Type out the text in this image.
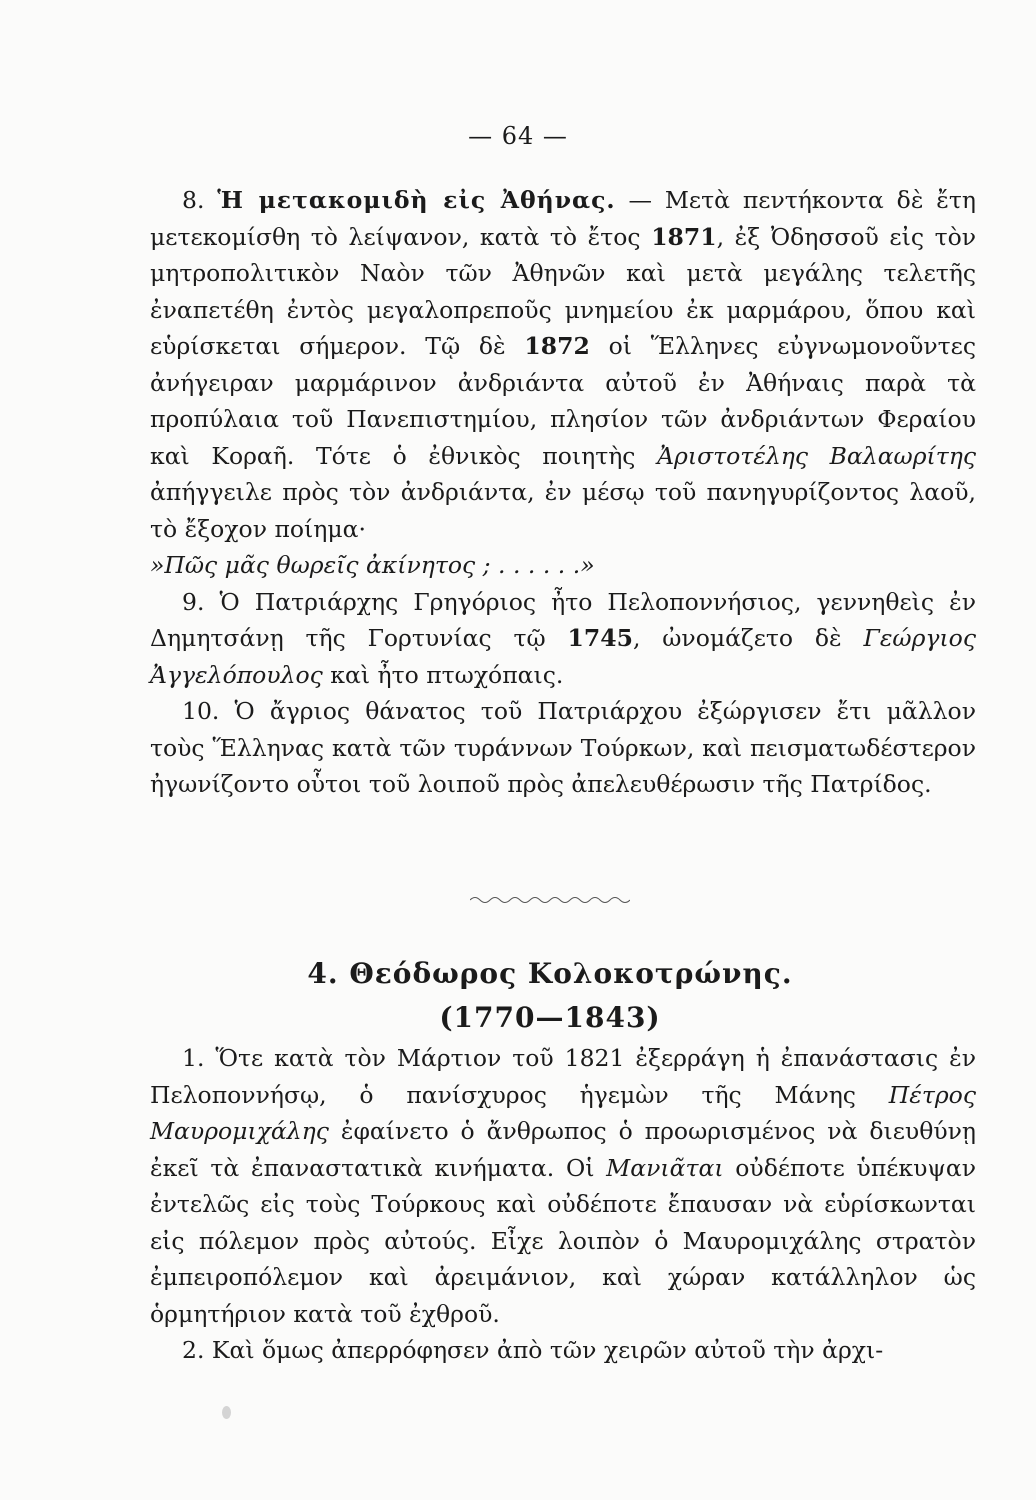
— 64 —

8. Ἡ μετακομιδὴ εἰς Ἀθήνας. — Μετὰ πεντήκοντα δὲ ἔτη μετεκομίσθη τὸ λείψανον, κατὰ τὸ ἔτος 1871, ἐξ Ὀδησσοῦ εἰς τὸν μητροπολιτικὸν Ναὸν τῶν Ἀθηνῶν καὶ μετὰ μεγάλης τελετῆς ἐναπετέθη ἐντὸς μεγαλοπρεποῦς μνημείου ἐκ μαρμάρου, ὅπου καὶ εὑρίσκεται σήμερον. Τῷ δὲ 1872 οἱ Ἕλληνες εὐγνωμονοῦντες ἀνήγειραν μαρμάρινον ἀνδριάντα αὐτοῦ ἐν Ἀθήναις παρὰ τὰ προπύλαια τοῦ Πανεπιστημίου, πλησίον τῶν ἀνδριάντων Φεραίου καὶ Κοραῆ. Τότε ὁ ἐθνικὸς ποιητὴς Ἀριστοτέλης Βαλαωρίτης ἀπήγγειλε πρὸς τὸν ἀνδριάντα, ἐν μέσῳ τοῦ πανηγυρίζοντος λαοῦ, τὸ ἔξοχον ποίημα·

»Πῶς μᾶς θωρεῖς ἀκίνητος ; . . . . . .»

9. Ὁ Πατριάρχης Γρηγόριος ἦτο Πελοποννήσιος, γεννηθεὶς ἐν Δημητσάνῃ τῆς Γορτυνίας τῷ 1745, ὠνομάζετο δὲ Γεώργιος Ἀγγελόπουλος καὶ ἦτο πτωχόπαις.

10. Ὁ ἄγριος θάνατος τοῦ Πατριάρχου ἐξώργισεν ἔτι μᾶλλον τοὺς Ἕλληνας κατὰ τῶν τυράννων Τούρκων, καὶ πεισματωδέστερον ἠγωνίζοντο οὗτοι τοῦ λοιποῦ πρὸς ἀπελευθέρωσιν τῆς Πατρίδος.

4. Θεόδωρος Κολοκοτρώνης.
(1770—1843)

1. Ὅτε κατὰ τὸν Μάρτιον τοῦ 1821 ἐξερράγη ἡ ἐπανάστασις ἐν Πελοποννήσῳ, ὁ πανίσχυρος ἡγεμὼν τῆς Μάνης Πέτρος Μαυρομιχάλης ἐφαίνετο ὁ ἄνθρωπος ὁ προωρισμένος νὰ διευθύνῃ ἐκεῖ τὰ ἐπαναστατικὰ κινήματα. Οἱ Μανιᾶται οὐδέποτε ὑπέκυψαν ἐντελῶς εἰς τοὺς Τούρκους καὶ οὐδέποτε ἔπαυσαν νὰ εὑρίσκωνται εἰς πόλεμον πρὸς αὐτούς. Εἶχε λοιπὸν ὁ Μαυρομιχάλης στρατὸν ἐμπειροπόλεμον καὶ ἀρειμάνιον, καὶ χώραν κατάλληλον ὡς ὁρμητήριον κατὰ τοῦ ἐχθροῦ.

2. Καὶ ὅμως ἀπερρόφησεν ἀπὸ τῶν χειρῶν αὐτοῦ τὴν ἀρχι-
